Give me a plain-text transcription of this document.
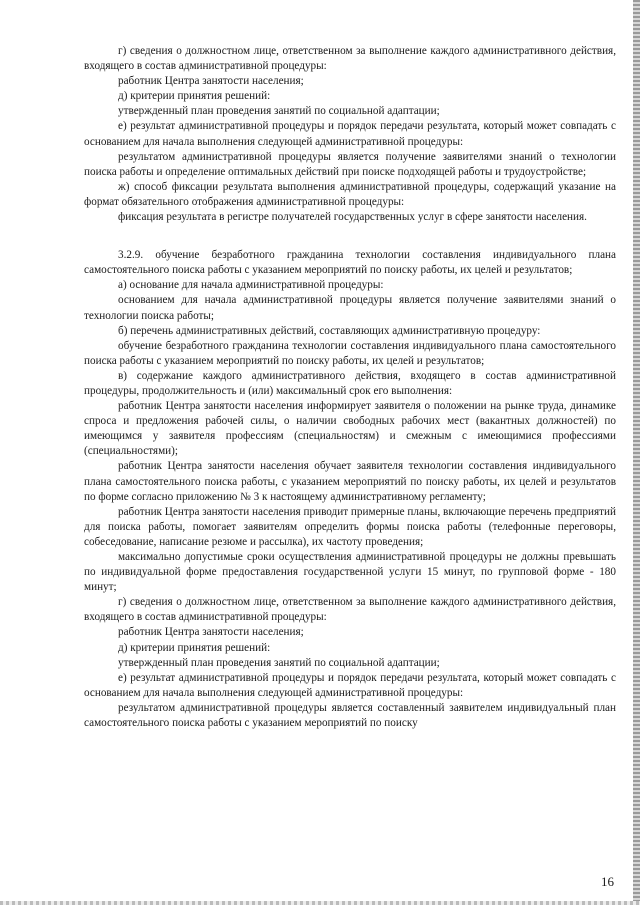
г) сведения о должностном лице, ответственном за выполнение каждого административного действия, входящего в состав административной процедуры:

работник Центра занятости населения;

д) критерии принятия решений:

утвержденный план проведения занятий по социальной адаптации;

е) результат административной процедуры и порядок передачи результата, который может совпадать с основанием для начала выполнения следующей административной процедуры:

результатом административной процедуры является получение заявителями знаний о технологии поиска работы и определение оптимальных действий при поиске подходящей работы и трудоустройстве;

ж) способ фиксации результата выполнения административной процедуры, содержащий указание на формат обязательного отображения административной процедуры:

фиксация результата в регистре получателей государственных услуг в сфере занятости населения.

3.2.9. обучение безработного гражданина технологии составления индивидуального плана самостоятельного поиска работы с указанием мероприятий по поиску работы, их целей и результатов;

а) основание для начала административной процедуры:

основанием для начала административной процедуры является получение заявителями знаний о технологии поиска работы;

б) перечень административных действий, составляющих административную процедуру:

обучение безработного гражданина технологии составления индивидуального плана самостоятельного поиска работы с указанием мероприятий по поиску работы, их целей и результатов;

в) содержание каждого административного действия, входящего в состав административной процедуры, продолжительность и (или) максимальный срок его выполнения:

работник Центра занятости населения информирует заявителя о положении на рынке труда, динамике спроса и предложения рабочей силы, о наличии свободных рабочих мест (вакантных должностей) по имеющимся у заявителя профессиям (специальностям) и смежным с имеющимися профессиями (специальностями);

работник Центра занятости населения обучает заявителя технологии составления индивидуального плана самостоятельного поиска работы, с указанием мероприятий по поиску работы, их целей и результатов по форме согласно приложению № 3 к настоящему административному регламенту;

работник Центра занятости населения приводит примерные планы, включающие перечень предприятий для поиска работы, помогает заявителям определить формы поиска работы (телефонные переговоры, собеседование, написание резюме и рассылка), их частоту проведения;

максимально допустимые сроки осуществления административной процедуры не должны превышать по индивидуальной форме предоставления государственной услуги 15 минут, по групповой форме - 180 минут;

г) сведения о должностном лице, ответственном за выполнение каждого административного действия, входящего в состав административной процедуры:

работник Центра занятости населения;

д) критерии принятия решений:

утвержденный план проведения занятий по социальной адаптации;

е) результат административной процедуры и порядок передачи результата, который может совпадать с основанием для начала выполнения следующей административной процедуры:

результатом административной процедуры является составленный заявителем индивидуальный план самостоятельного поиска работы с указанием мероприятий по поиску

16
